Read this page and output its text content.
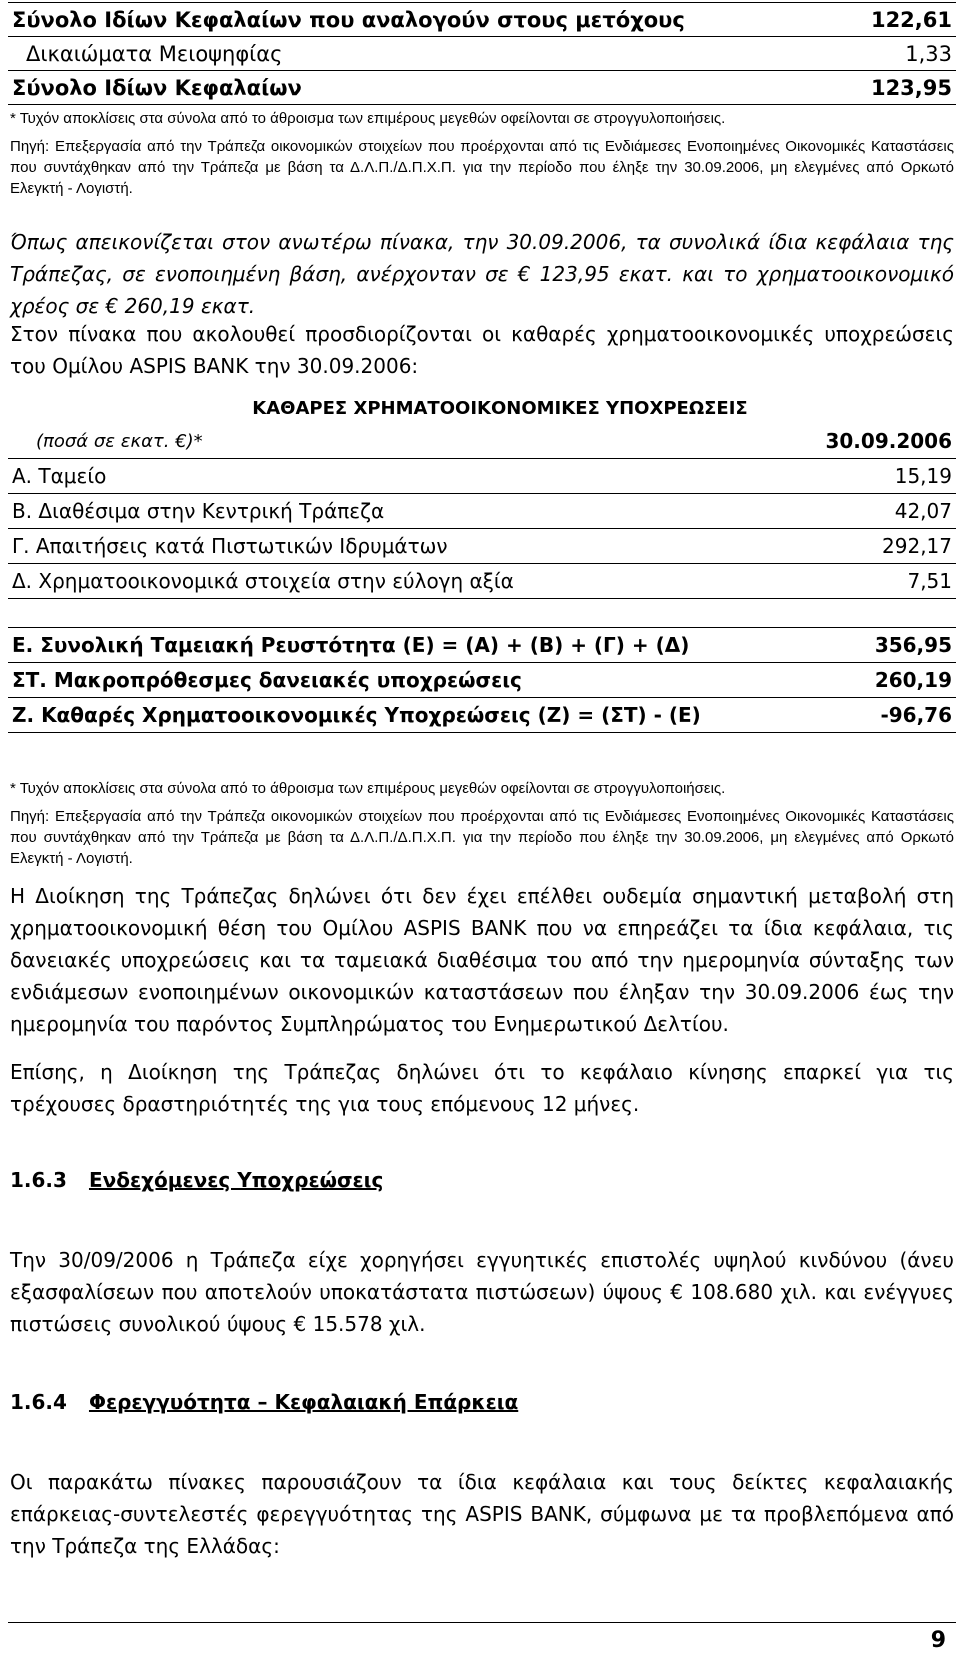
Σύνολο Ιδίων Κεφαλαίων που αναλογούν στους μετόχους	122,61
Δικαιώματα Μειοψηφίας	1,33
Σύνολο Ιδίων Κεφαλαίων	123,95
* Τυχόν αποκλίσεις στα σύνολα από το άθροισμα των επιμέρους μεγεθών οφείλονται σε στρογγυλοποιήσεις.
Πηγή: Επεξεργασία από την Τράπεζα οικονομικών στοιχείων που προέρχονται από τις Ενδιάμεσες Ενοποιημένες Οικονομικές Καταστάσεις που συντάχθηκαν από την Τράπεζα με βάση τα Δ.Λ.Π./Δ.Π.Χ.Π. για την περίοδο που έληξε την 30.09.2006, μη ελεγμένες από Ορκωτό Ελεγκτή - Λογιστή.
Όπως απεικονίζεται στον ανωτέρω πίνακα, την 30.09.2006, τα συνολικά ίδια κεφάλαια της Τράπεζας, σε ενοποιημένη βάση, ανέρχονταν σε € 123,95 εκατ. και το χρηματοοικονομικό χρέος σε € 260,19 εκατ.
Στον πίνακα που ακολουθεί προσδιορίζονται οι καθαρές χρηματοοικονομικές υποχρεώσεις του Ομίλου ASPIS BANK την 30.09.2006:
ΚΑΘΑΡΕΣ ΧΡΗΜΑΤΟΟΙΚΟΝΟΜΙΚΕΣ ΥΠΟΧΡΕΩΣΕΙΣ
(ποσά σε εκατ. €)*	30.09.2006
Α. Ταμείο	15,19
Β. Διαθέσιμα στην Κεντρική Τράπεζα	42,07
Γ. Απαιτήσεις κατά Πιστωτικών Ιδρυμάτων	292,17
Δ. Χρηματοοικονομικά στοιχεία στην εύλογη αξία	7,51

Ε. Συνολική Ταμειακή Ρευστότητα (Ε) = (Α) + (Β) + (Γ) + (Δ)	356,95
ΣΤ. Μακροπρόθεσμες δανειακές υποχρεώσεις	260,19
Ζ. Καθαρές Χρηματοοικονομικές Υποχρεώσεις (Ζ) = (ΣΤ) - (Ε)	-96,76
* Τυχόν αποκλίσεις στα σύνολα από το άθροισμα των επιμέρους μεγεθών οφείλονται σε στρογγυλοποιήσεις.
Πηγή: Επεξεργασία από την Τράπεζα οικονομικών στοιχείων που προέρχονται από τις Ενδιάμεσες Ενοποιημένες Οικονομικές Καταστάσεις που συντάχθηκαν από την Τράπεζα με βάση τα Δ.Λ.Π./Δ.Π.Χ.Π. για την περίοδο που έληξε την 30.09.2006, μη ελεγμένες από Ορκωτό Ελεγκτή - Λογιστή.
Η Διοίκηση της Τράπεζας δηλώνει ότι δεν έχει επέλθει ουδεμία σημαντική μεταβολή στη χρηματοοικονομική θέση του Ομίλου ASPIS BANK που να επηρεάζει τα ίδια κεφάλαια, τις δανειακές υποχρεώσεις και τα ταμειακά διαθέσιμα του από την ημερομηνία σύνταξης των ενδιάμεσων ενοποιημένων οικονομικών καταστάσεων που έληξαν την 30.09.2006 έως την ημερομηνία του παρόντος Συμπληρώματος του Ενημερωτικού Δελτίου.
Επίσης, η Διοίκηση της Τράπεζας δηλώνει ότι το κεφάλαιο κίνησης επαρκεί για τις τρέχουσες δραστηριότητές της για τους επόμενους 12 μήνες.
1.6.3 Ενδεχόμενες Υποχρεώσεις
Την 30/09/2006 η Τράπεζα είχε χορηγήσει εγγυητικές επιστολές υψηλού κινδύνου (άνευ εξασφαλίσεων που αποτελούν υποκατάστατα πιστώσεων) ύψους € 108.680 χιλ. και ενέγγυες πιστώσεις συνολικού ύψους € 15.578 χιλ.
1.6.4 Φερεγγυότητα – Κεφαλαιακή Επάρκεια
Οι παρακάτω πίνακες παρουσιάζουν τα ίδια κεφάλαια και τους δείκτες κεφαλαιακής επάρκειας-συντελεστές φερεγγυότητας της ASPIS BANK, σύμφωνα με τα προβλεπόμενα από την Τράπεζα της Ελλάδας:
9
